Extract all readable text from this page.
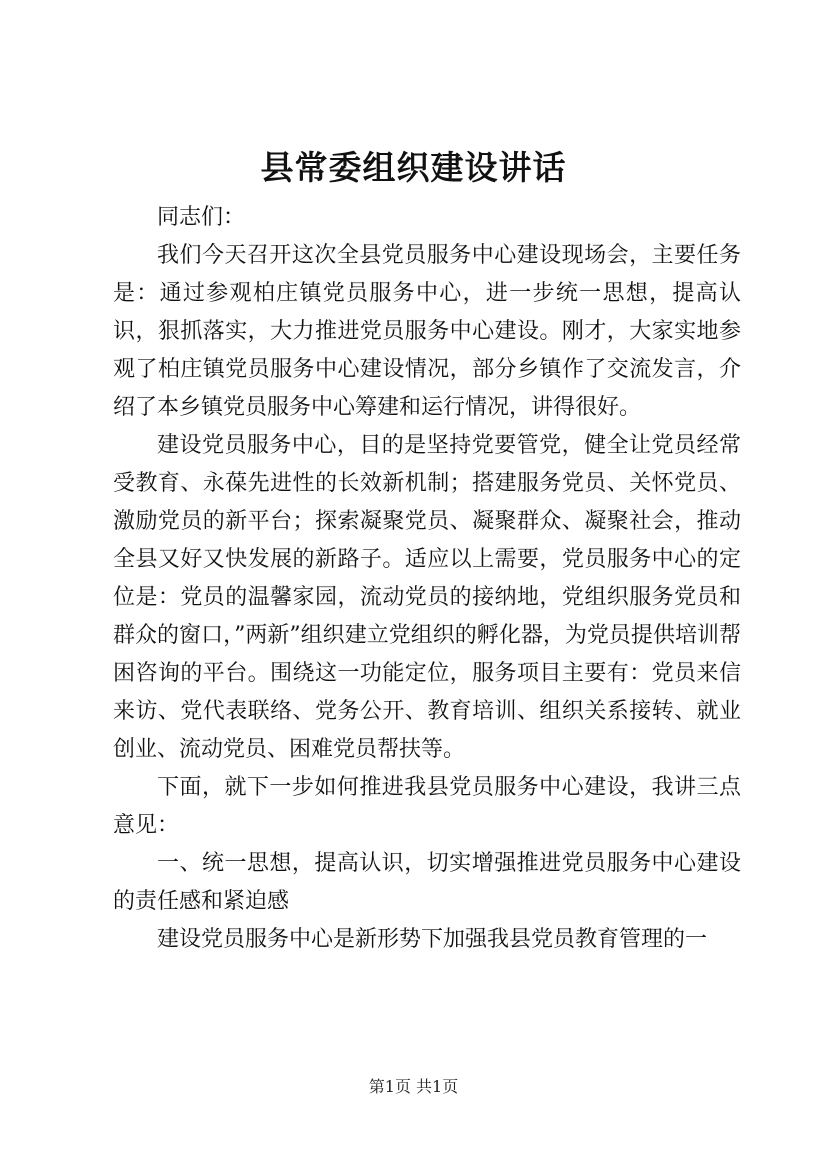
县常委组织建设讲话

同志们：

我们今天召开这次全县党员服务中心建设现场会，主要任务是：通过参观柏庄镇党员服务中心，进一步统一思想，提高认识，狠抓落实，大力推进党员服务中心建设。刚才，大家实地参观了柏庄镇党员服务中心建设情况，部分乡镇作了交流发言，介绍了本乡镇党员服务中心筹建和运行情况，讲得很好。

建设党员服务中心，目的是坚持党要管党，健全让党员经常受教育、永葆先进性的长效新机制；搭建服务党员、关怀党员、激励党员的新平台；探索凝聚党员、凝聚群众、凝聚社会，推动全县又好又快发展的新路子。适应以上需要，党员服务中心的定位是：党员的温馨家园，流动党员的接纳地，党组织服务党员和群众的窗口，”两新”组织建立党组织的孵化器，为党员提供培训帮困咨询的平台。围绕这一功能定位，服务项目主要有：党员来信来访、党代表联络、党务公开、教育培训、组织关系接转、就业创业、流动党员、困难党员帮扶等。

下面，就下一步如何推进我县党员服务中心建设，我讲三点意见：

一、统一思想，提高认识，切实增强推进党员服务中心建设的责任感和紧迫感

建设党员服务中心是新形势下加强我县党员教育管理的一

第1页 共1页
